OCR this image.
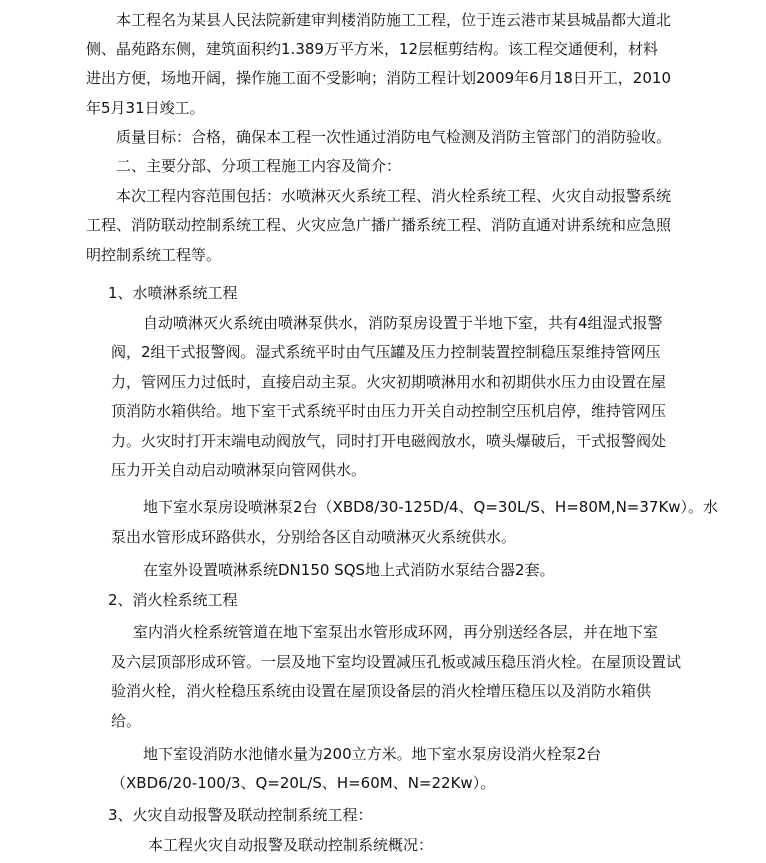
本工程名为某县人民法院新建审判楼消防施工工程，位于连云港市某县城晶都大道北
侧、晶苑路东侧，建筑面积约1.389万平方米，12层框剪结构。该工程交通便利，材料
进出方便，场地开阔，操作施工面不受影响；消防工程计划2009年6月18日开工，2010
年5月31日竣工。
质量目标：合格，确保本工程一次性通过消防电气检测及消防主管部门的消防验收。
二、主要分部、分项工程施工内容及简介：
本次工程内容范围包括：水喷淋灭火系统工程、消火栓系统工程、火灾自动报警系统
工程、消防联动控制系统工程、火灾应急广播广播系统工程、消防直通对讲系统和应急照
明控制系统工程等。
1、水喷淋系统工程
自动喷淋灭火系统由喷淋泵供水，消防泵房设置于半地下室，共有4组湿式报警
阀，2组干式报警阀。湿式系统平时由气压罐及压力控制装置控制稳压泵维持管网压
力，管网压力过低时，直接启动主泵。火灾初期喷淋用水和初期供水压力由设置在屋
顶消防水箱供给。地下室干式系统平时由压力开关自动控制空压机启停，维持管网压
力。火灾时打开末端电动阀放气，同时打开电磁阀放水，喷头爆破后，干式报警阀处
压力开关自动启动喷淋泵向管网供水。
地下室水泵房设喷淋泵2台（XBD8/30-125D/4、Q=30L/S、H=80M,N=37Kw）。水
泵出水管形成环路供水，分别给各区自动喷淋灭火系统供水。
在室外设置喷淋系统DN150 SQS地上式消防水泵结合器2套。
2、消火栓系统工程
室内消火栓系统管道在地下室泵出水管形成环网，再分别送经各层，并在地下室
及六层顶部形成环管。一层及地下室均设置减压孔板或减压稳压消火栓。在屋顶设置试
验消火栓，消火栓稳压系统由设置在屋顶设备层的消火栓增压稳压以及消防水箱供
给。
地下室设消防水池储水量为200立方米。地下室水泵房设消火栓泵2台
（XBD6/20-100/3、Q=20L/S、H=60M、N=22Kw）。
3、火灾自动报警及联动控制系统工程：
本工程火灾自动报警及联动控制系统概况：
